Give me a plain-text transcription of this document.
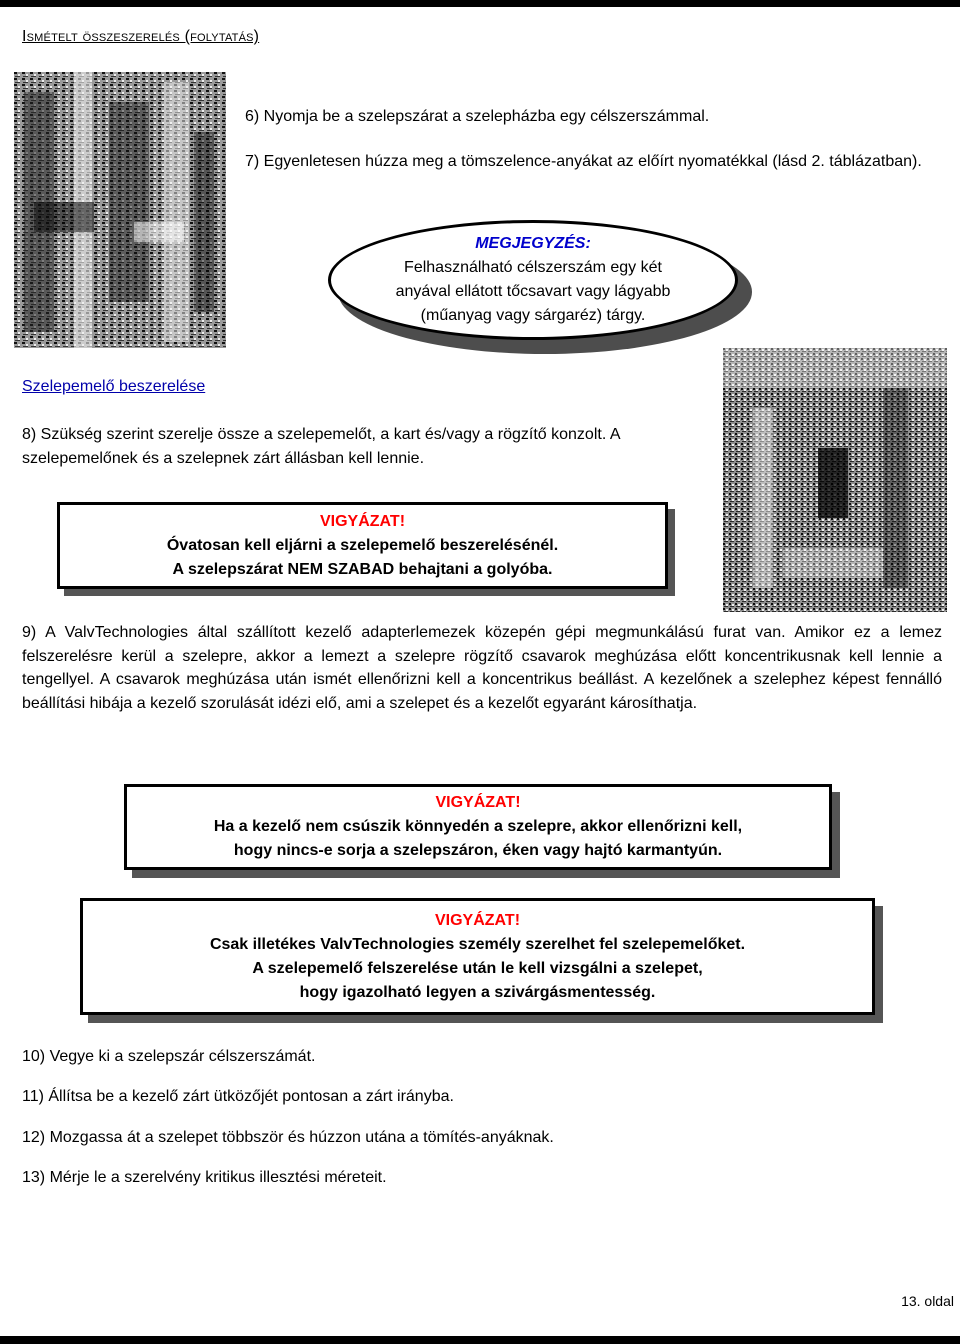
Ismételt összeszerelés (folytatás)
6) Nyomja be a szelepszárat a szelepházba egy célszerszámmal.
7) Egyenletesen húzza meg a tömszelence-anyákat az előírt nyomatékkal (lásd 2. táblázatban).
MEGJEGYZÉS:
Felhasználható célszerszám egy két
anyával ellátott tőcsavart vagy lágyabb
(műanyag vagy sárgaréz) tárgy.
Szelepemelő beszerelése
8) Szükség szerint szerelje össze a szelepemelőt, a kart és/vagy a rögzítő konzolt. A szelepemelőnek és a szelepnek zárt állásban kell lennie.
VIGYÁZAT!
Óvatosan kell eljárni a szelepemelő beszerelésénél.
A szelepszárat NEM SZABAD behajtani a golyóba.
9) A ValvTechnologies által szállított kezelő adapterlemezek közepén gépi megmunkálású furat van. Amikor ez a lemez felszerelésre kerül a szelepre, akkor a lemezt a szelepre rögzítő csavarok meghúzása előtt koncentrikusnak kell lennie a tengellyel. A csavarok meghúzása után ismét ellenőrizni kell a koncentrikus beállást. A kezelőnek a szelephez képest fennálló beállítási hibája a kezelő szorulását idézi elő, ami a szelepet és a kezelőt egyaránt károsíthatja.
VIGYÁZAT!
Ha a kezelő nem csúszik könnyedén a szelepre, akkor ellenőrizni kell,
hogy nincs-e sorja a szelepszáron, éken vagy hajtó karmantyún.
VIGYÁZAT!
Csak illetékes ValvTechnologies személy szerelhet fel szelepemelőket.
A szelepemelő felszerelése után le kell vizsgálni a szelepet,
hogy igazolható legyen a szivárgásmentesség.
10) Vegye ki a szelepszár célszerszámát.
11) Állítsa be a kezelő zárt ütközőjét pontosan a zárt irányba.
12) Mozgassa át a szelepet többször és húzzon utána a tömítés-anyáknak.
13) Mérje le a szerelvény kritikus illesztési méreteit.
13. oldal
